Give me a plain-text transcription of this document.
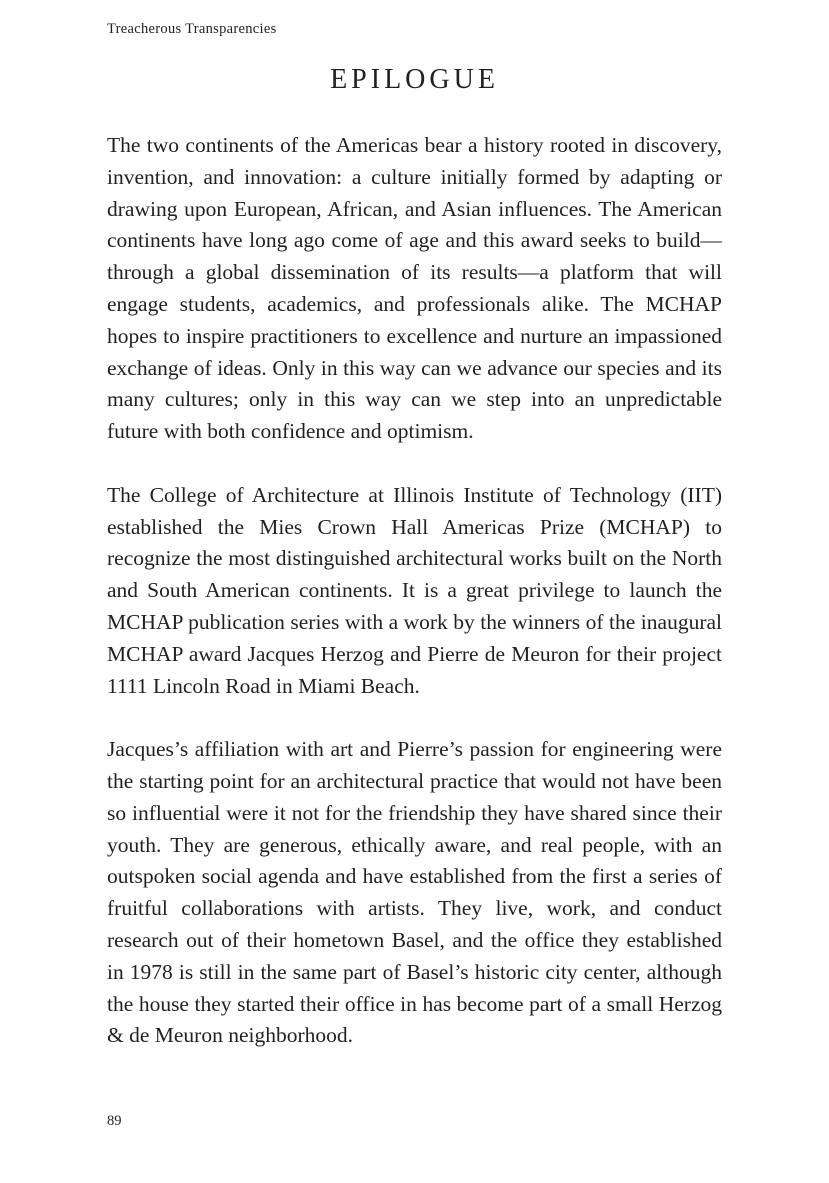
Treacherous Transparencies
EPILOGUE

The two continents of the Americas bear a history rooted in discovery, invention, and innovation: a culture initially formed by adapting or drawing upon European, African, and Asian influences. The American continents have long ago come of age and this award seeks to build—through a global dissemination of its results—a platform that will engage students, academics, and professionals alike. The MCHAP hopes to inspire practitioners to excellence and nurture an impassioned exchange of ideas. Only in this way can we advance our species and its many cultures; only in this way can we step into an unpredictable future with both confidence and optimism.

The College of Architecture at Illinois Institute of Technology (IIT) established the Mies Crown Hall Americas Prize (MCHAP) to recognize the most distinguished architectural works built on the North and South American continents. It is a great privilege to launch the MCHAP publication series with a work by the winners of the inaugural MCHAP award Jacques Herzog and Pierre de Meuron for their project 1111 Lincoln Road in Miami Beach.

Jacques’s affiliation with art and Pierre’s passion for engineering were the starting point for an architectural practice that would not have been so influential were it not for the friendship they have shared since their youth. They are generous, ethically aware, and real people, with an outspoken social agenda and have established from the first a series of fruitful collaborations with artists. They live, work, and conduct research out of their hometown Basel, and the office they established in 1978 is still in the same part of Basel’s historic city center, although the house they started their office in has become part of a small Herzog & de Meuron neighborhood.

89
